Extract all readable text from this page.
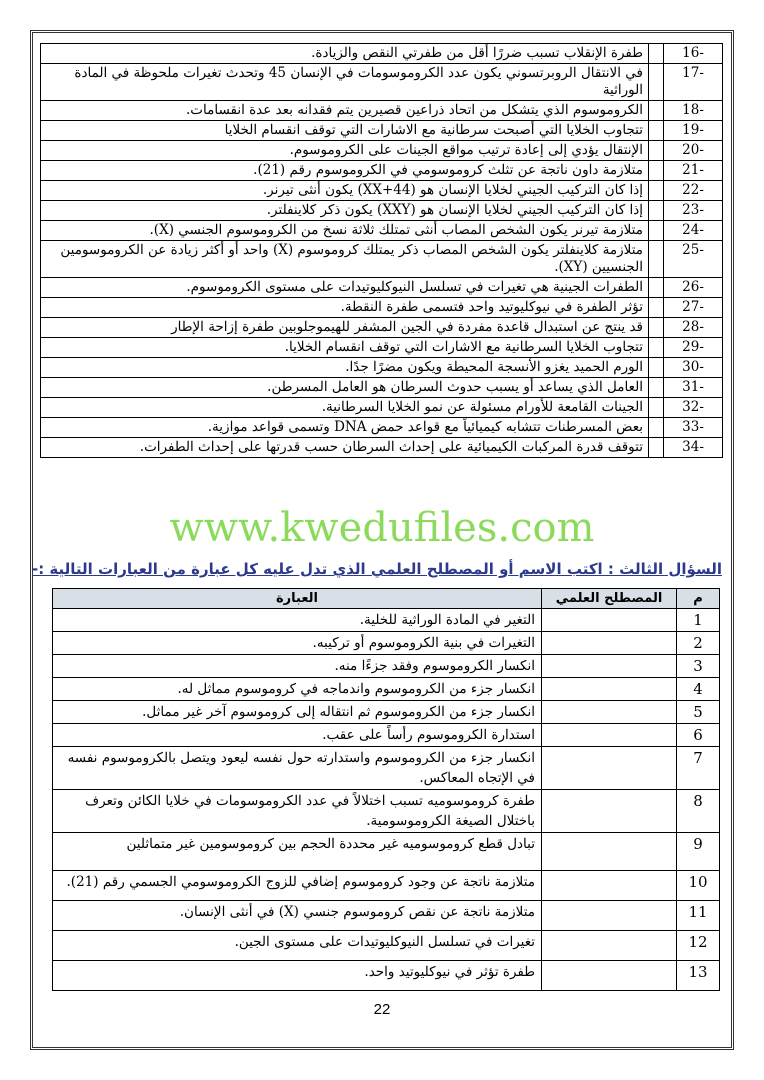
-16		طفرة الإنقلاب تسبب ضررًا أقل من طفرتي النقص والزيادة.
-17		في الانتقال الروبرتسوني يكون عدد الكروموسومات في الإنسان 45 وتحدث تغيرات ملحوظة في المادة الوراثية
-18		الكروموسوم الذي يتشكل من اتحاد ذراعين قصيرين يتم فقدانه بعد عدة انقسامات.
-19		تتجاوب الخلايا التي أصبحت سرطانية مع الاشارات التي توقف انقسام الخلايا
-20		الإنتقال يؤدي إلى إعادة ترتيب مواقع الجينات على الكروموسوم.
-21		متلازمة داون ناتجة عن تثلث كروموسومي في الكروموسوم رقم (21).
-22		إذا كان التركيب الجيني لخلايا الإنسان هو (XX+44) يكون أنثى تيرنر.
-23		إذا كان التركيب الجيني لخلايا الإنسان هو (XXY) يكون ذكر كلاينفلتر.
-24		متلازمة تيرنر يكون الشخص المصاب أنثى تمتلك ثلاثة نسخ من الكروموسوم الجنسي (X).
-25		متلازمة كلاينفلتر يكون الشخص المصاب ذكر يمتلك كروموسوم (X) واحد أو أكثر زيادة عن الكروموسومين الجنسيين (XY).
-26		الطفرات الجينية هي تغيرات في تسلسل النيوكليوتيدات على مستوى الكروموسوم.
-27		تؤثر الطفرة في نيوكليوتيد واحد فتسمى طفرة النقطة.
-28		قد ينتج عن استبدال قاعدة مفردة في الجين المشفر للهيموجلوبين طفرة إزاحة الإطار
-29		تتجاوب الخلايا السرطانية مع الاشارات التي توقف انقسام الخلايا.
-30		الورم الحميد يغزو الأنسجة المحيطة ويكون مضرًا جدًا.
-31		العامل الذي يساعد أو يسبب حدوث السرطان هو العامل المسرطن.
-32		الجينات القامعة للأورام مسئولة عن نمو الخلايا السرطانية.
-33		بعض المسرطنات تتشابه كيميائياً مع قواعد حمض DNA وتسمى قواعد موازية.
-34		تتوقف قدرة المركبات الكيميائية على إحداث السرطان حسب قدرتها على إحداث الطفرات.
www.kwedufiles.com
السؤال الثالث : اكتب الاسم أو المصطلح العلمي الذي تدل عليه كل عبارة من العبارات التالية :-
م	المصطلح العلمي	العبارة
1		التغير في المادة الوراثية للخلية.
2		التغيرات في بنية الكروموسوم أو تركيبه.
3		انكسار الكروموسوم وفقد جزءًا منه.
4		انكسار جزء من الكروموسوم واندماجه في كروموسوم مماثل له.
5		انكسار جزء من الكروموسوم ثم انتقاله إلى كروموسوم آخر غير مماثل.
6		استدارة الكروموسوم رأساً على عقب.
7		انكسار جزء من الكروموسوم واستدارته حول نفسه ليعود ويتصل بالكروموسوم نفسه في الإتجاه المعاكس.
8		طفرة كروموسوميه تسبب اختلالاً في عدد الكروموسومات في خلايا الكائن وتعرف باختلال الصيغة الكروموسومية.
9		تبادل قطع كروموسوميه غير محددة الحجم بين كروموسومين غير متماثلين
10		متلازمة ناتجة عن وجود كروموسوم إضافي للزوج الكروموسومي الجسمي رقم (21).
11		متلازمة ناتجة عن نقص كروموسوم جنسي (X) في أنثى الإنسان.
12		تغيرات في تسلسل النيوكليوتيدات على مستوى الجين.
13		طفرة تؤثر في نيوكليوتيد واحد.
22
